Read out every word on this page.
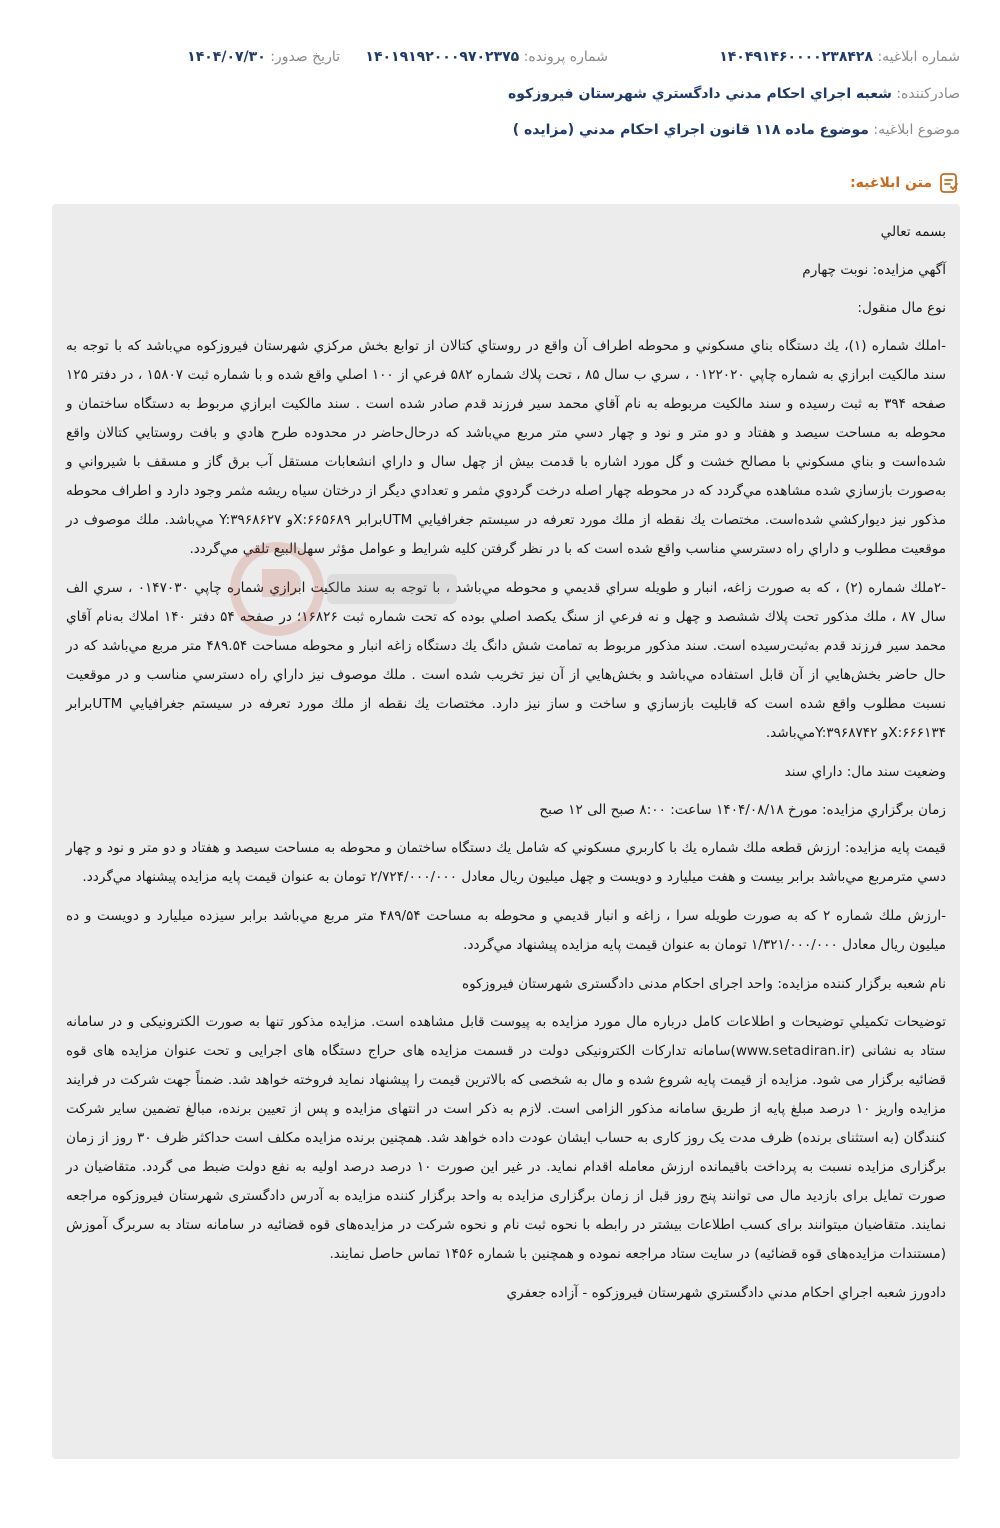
شماره ابلاغيه: ۱۴۰۴۹۱۴۶۰۰۰۰۲۳۸۴۲۸
شماره پرونده: ۱۴۰۱۹۱۹۲۰۰۰۹۷۰۲۳۷۵
تاريخ صدور: ۱۴۰۴/۰۷/۳۰
صادرکننده: شعبه اجراي احكام مدني دادگستري شهرستان فيروزكوه
موضوع ابلاغيه: موضوع ماده ۱۱۸ قانون اجراي احكام مدني (مزايده )
متن ابلاغيه:

بسمه تعالي

آگهي مزايده: نوبت چهارم

نوع مال منقول:

-املك شماره (۱)، يك دستگاه بناي مسكوني و محوطه اطراف آن واقع در روستاي كتالان از توابع بخش مركزي شهرستان فيروزكوه مي‌باشد كه با توجه به سند مالكيت ابرازي به شماره چاپي ۰۱۲۲۰۲۰ ، سري ب سال ۸۵ ، تحت پلاك شماره ۵۸۲ فرعي از ۱۰۰ اصلي واقع شده و با شماره ثبت ۱۵۸۰۷ ، در دفتر ۱۲۵ صفحه ۳۹۴ به ثبت رسيده و سند مالكيت مربوطه به نام آقاي محمد سير فرزند قدم صادر شده است . سند مالكيت ابرازي مربوط به دستگاه ساختمان و محوطه به مساحت سيصد و هفتاد و دو متر و نود و چهار دسي متر مربع مي‌باشد كه درحال‌حاضر در محدوده طرح هادي و بافت روستايي كتالان واقع شده‌است و بناي مسكوني با مصالح خشت و گل مورد اشاره با قدمت بيش از چهل سال و داراي انشعابات مستقل آب برق گاز و مسقف با شيرواني و به‌صورت بازسازي شده مشاهده مي‌گردد كه در محوطه چهار اصله درخت گردوي مثمر و تعدادي ديگر از درختان سياه ريشه مثمر وجود دارد و اطراف محوطه مذكور نيز ديواركشي شده‌است. مختصات يك نقطه از ملك مورد تعرفه در سيستم جغرافيايي UTMبرابر X:۶۶۵۶۸۹و Y:۳۹۶۸۶۲۷ مي‌باشد. ملك موصوف در موقعيت مطلوب و داراي راه دسترسي مناسب واقع شده است كه با در نظر گرفتن كليه شرايط و عوامل مؤثر سهل‌البيع تلقي مي‌گردد.

-۲ملك شماره (۲) ، كه به صورت زاغه، انبار و طويله سراي قديمي و محوطه مي‌باشد ، با توجه به سند مالكيت ابرازي شماره چاپي ۰۱۴۷۰۳۰ ، سري الف سال ۸۷ ، ملك مذكور تحت پلاك ششصد و چهل و نه فرعي از سنگ يكصد اصلي بوده كه تحت شماره ثبت ۱۶۸۲۶؛ در صفحه ۵۴ دفتر ۱۴۰ املاك به‌نام آقاي محمد سير فرزند قدم به‌ثبت‌رسيده است. سند مذكور مربوط به تمامت شش دانگ يك دستگاه زاغه انبار و محوطه مساحت ۴۸۹.۵۴ متر مربع مي‌باشد كه در حال حاضر بخش‌هايي از آن قابل استفاده مي‌باشد و بخش‌هايي از آن نيز تخريب شده است . ملك موصوف نيز داراي راه دسترسي مناسب و در موقعيت نسبت مطلوب واقع شده است كه قابليت بازسازي و ساخت و ساز نيز دارد. مختصات يك نقطه از ملك مورد تعرفه در سيستم جغرافيايي UTMبرابر X:۶۶۶۱۳۴و Y:۳۹۶۸۷۴۲مي‌باشد.

وضعيت سند مال: داراي سند

زمان برگزاري مزايده: مورخ ۱۴۰۴/۰۸/۱۸ ساعت: ۸:۰۰ صبح الی ۱۲ صبح

قيمت پايه مزايده: ارزش قطعه ملك شماره يك با كاربري مسكوني كه شامل يك دستگاه ساختمان و محوطه به مساحت سيصد و هفتاد و دو متر و نود و چهار دسي مترمربع مي‌باشد برابر بيست و هفت ميليارد و دويست و چهل ميليون ريال معادل ۲/۷۲۴/۰۰۰/۰۰۰ تومان به عنوان قيمت پايه مزايده پيشنهاد مي‌گردد.

-ارزش ملك شماره ۲ كه به صورت طويله سرا ، زاغه و انبار قديمي و محوطه به مساحت ۴۸۹/۵۴ متر مربع مي‌باشد برابر سيزده ميليارد و دويست و ده ميليون ريال معادل ۱/۳۲۱/۰۰۰/۰۰۰ تومان به عنوان قيمت پايه مزايده پيشنهاد مي‌گردد.

نام شعبه برگزار كننده مزايده: واحد اجرای احکام مدنی دادگستری شهرستان فیروزکوه

توضيحات تكميلي توضيحات و اطلاعات كامل درباره مال مورد مزايده به پيوست قابل مشاهده است. مزایده مذکور تنها به صورت الکترونیکی و در سامانه ستاد به نشانی (www.setadiran.ir)سامانه تدارکات الکترونیکی دولت در قسمت مزایده های حراج دستگاه های اجرایی و تحت عنوان مزایده های قوه قضائیه برگزار می شود. مزایده از قیمت پایه شروع شده و مال به شخصی که بالاترین قیمت را پیشنهاد نماید فروخته خواهد شد. ضمناً جهت شرکت در فرایند مزایده واریز ۱۰ درصد مبلغ پایه از طریق سامانه مذکور الزامی است. لازم به ذکر است در انتهای مزایده و پس از تعیین برنده، مبالغ تضمین سایر شرکت کنندگان (به استثنای برنده) ظرف مدت یک روز کاری به حساب ایشان عودت داده خواهد شد. همچنین برنده مزایده مکلف است حداکثر ظرف ۳۰ روز از زمان برگزاری مزایده نسبت به پرداخت باقیمانده ارزش معامله اقدام نماید. در غیر این صورت ۱۰ درصد درصد اولیه به نفع دولت ضبط می گردد. متقاضیان در صورت تمایل برای بازدید مال می توانند پنج روز قبل از زمان برگزاری مزایده به واحد برگزار کننده مزایده به آدرس دادگستری شهرستان فیروزکوه مراجعه نمایند. متقاضیان میتوانند برای کسب اطلاعات بیشتر در رابطه با نحوه ثبت نام و نحوه شرکت در مزایده‌های قوه قضائیه در سامانه ستاد به سربرگ آموزش (مستندات مزایده‌های قوه قضائیه) در سایت ستاد مراجعه نموده و همچنین با شماره ۱۴۵۶ تماس حاصل نمایند.

دادورز شعبه اجراي احكام مدني دادگستري شهرستان فيروزكوه - آزاده جعفري
